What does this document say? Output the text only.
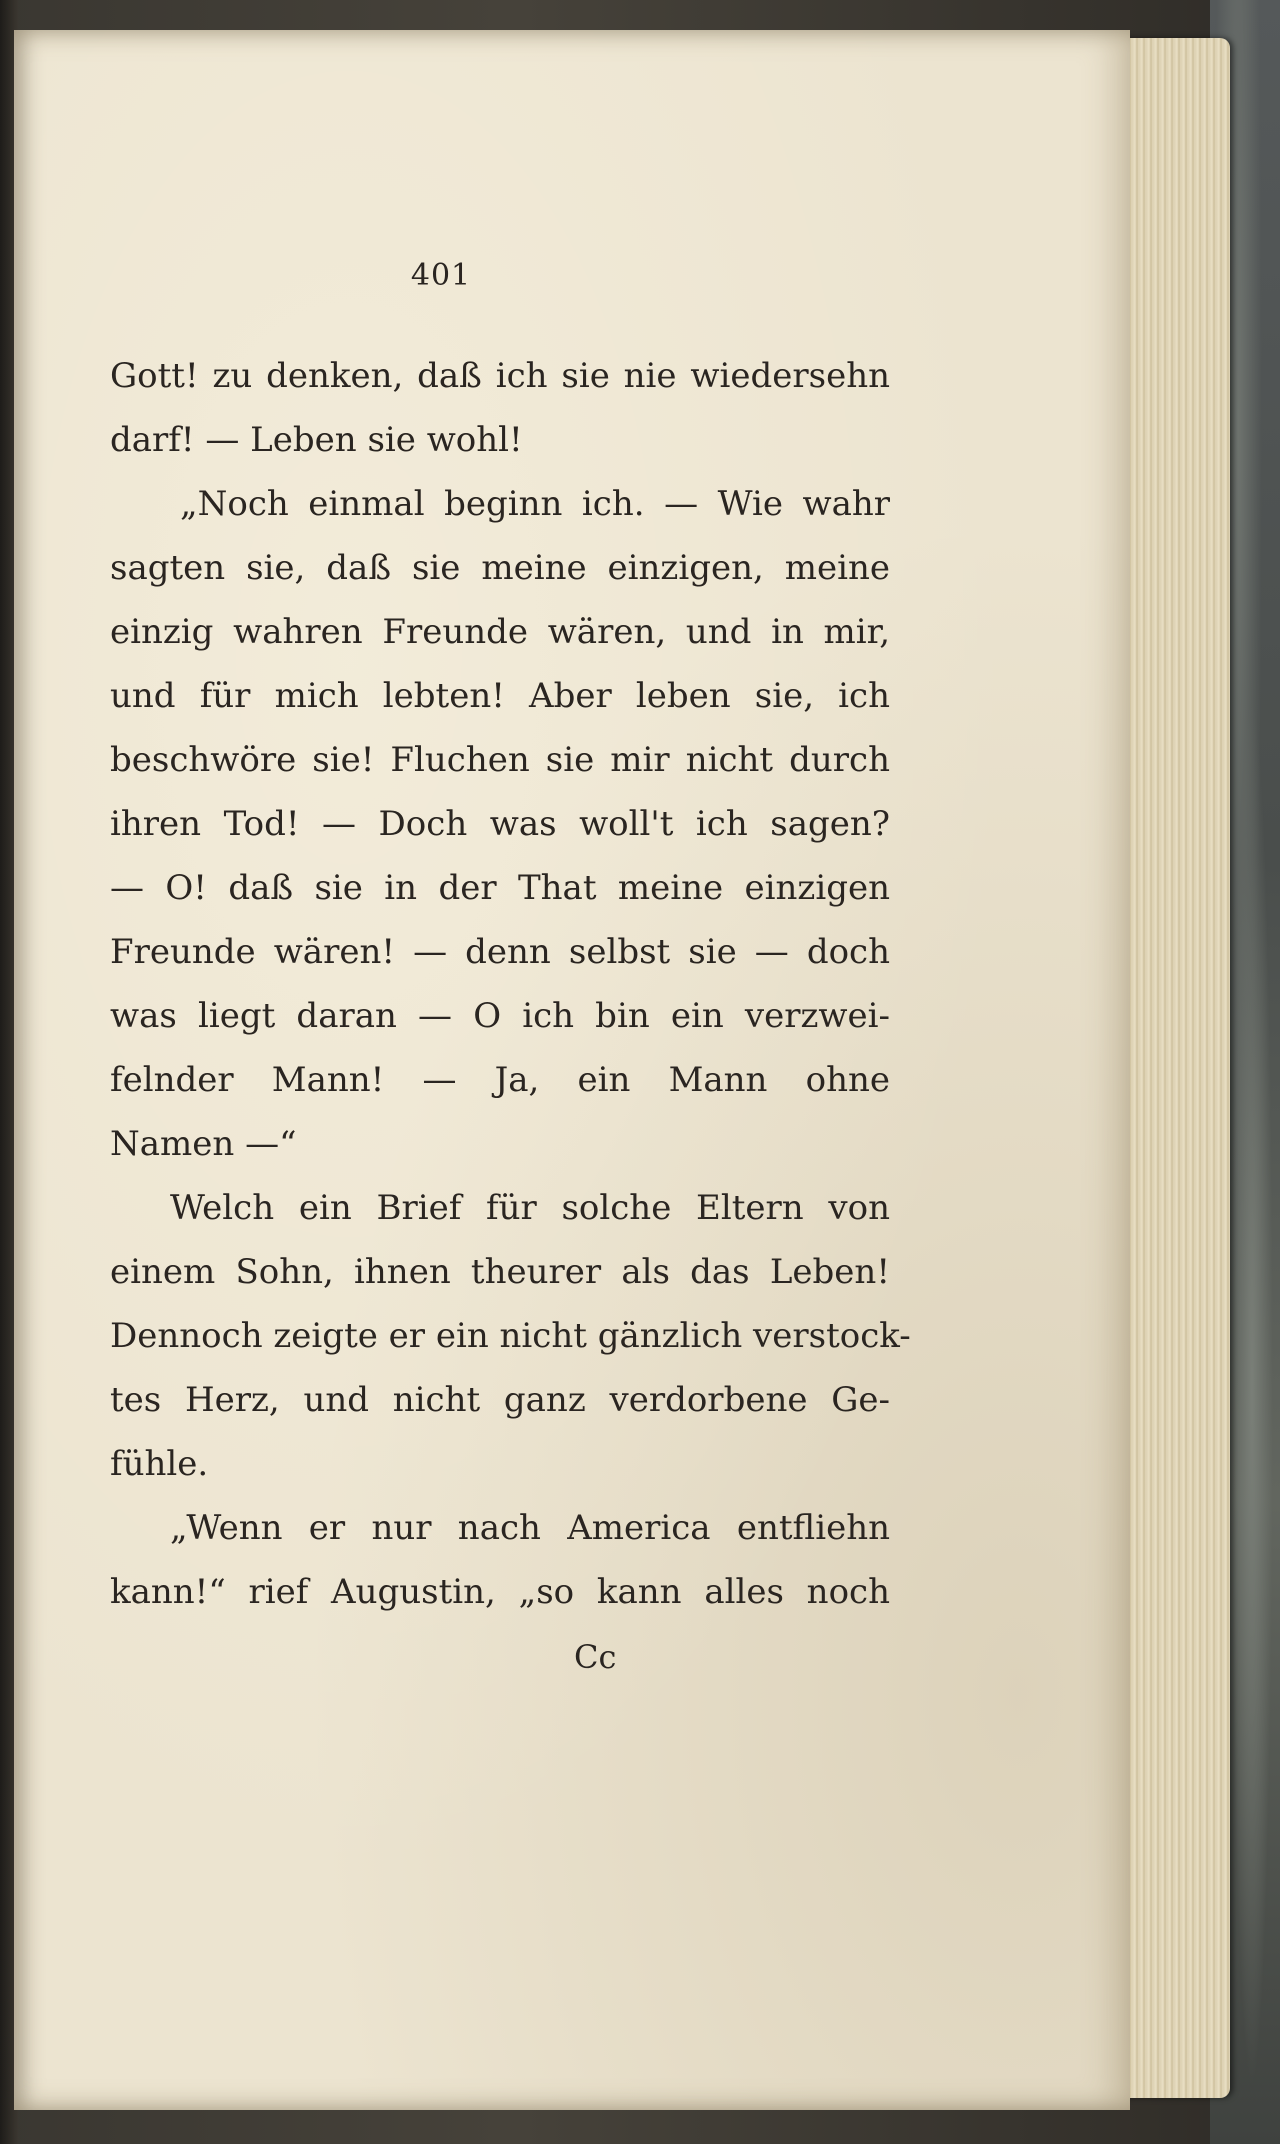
401
Gott! zu denken, daß ich sie nie wiedersehn
darf! — Leben sie wohl!
„Noch einmal beginn ich. — Wie wahr
sagten sie, daß sie meine einzigen, meine
einzig wahren Freunde wären, und in mir,
und für mich lebten! Aber leben sie, ich
beschwöre sie! Fluchen sie mir nicht durch
ihren Tod! — Doch was woll't ich sagen?
— O! daß sie in der That meine einzigen
Freunde wären! — denn selbst sie — doch
was liegt daran — O ich bin ein verzwei-
felnder Mann! — Ja, ein Mann ohne
Namen —“
Welch ein Brief für solche Eltern von
einem Sohn, ihnen theurer als das Leben!
Dennoch zeigte er ein nicht gänzlich verstock-
tes Herz, und nicht ganz verdorbene Ge-
fühle.
„Wenn er nur nach America entfliehn
kann!“ rief Augustin, „so kann alles noch
Cc
